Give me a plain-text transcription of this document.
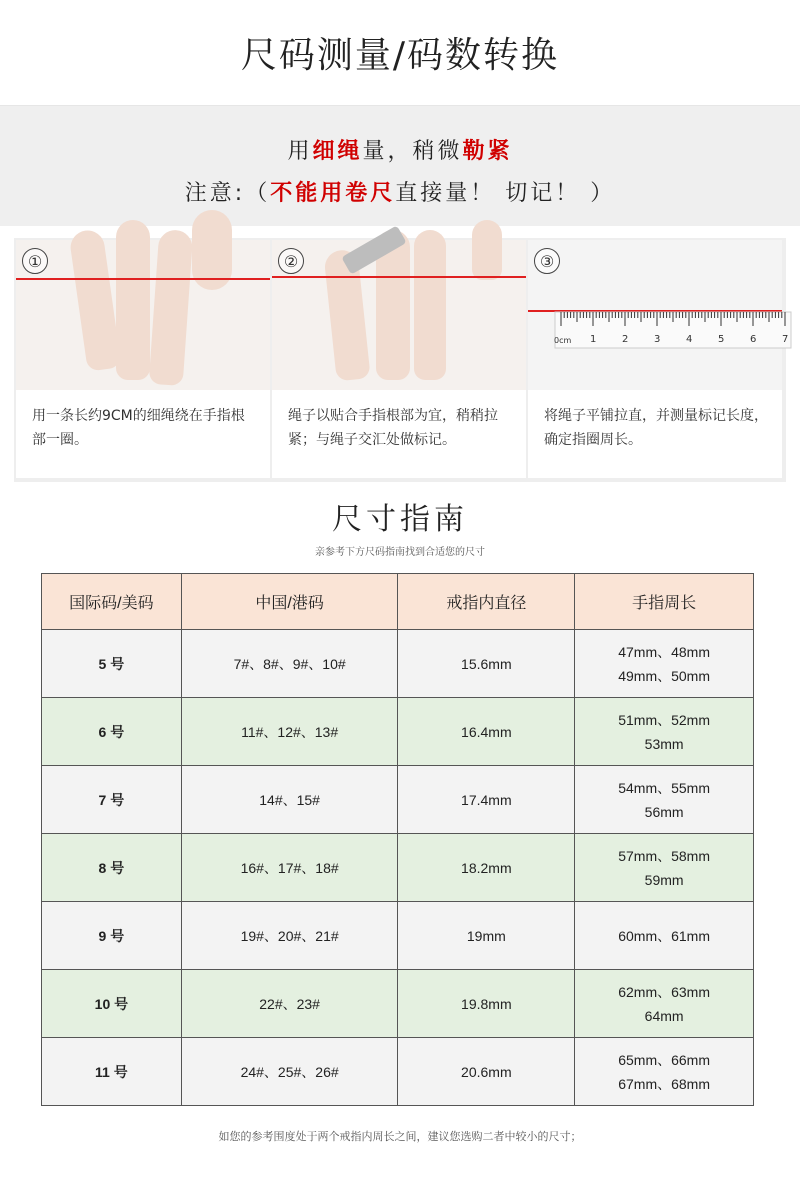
尺码测量/码数转换
用细绳量，稍微勒紧
注意:（不能用卷尺直接量！ 切记！ ）
①
用一条长约9CM的细绳绕在手指根部一圈。
②
绳子以贴合手指根部为宜，稍稍拉紧；与绳子交汇处做标记。
0cm 1	2	3	4	5	6	7
③
将绳子平铺拉直，并测量标记长度，确定指圈周长。
尺寸指南
亲参考下方尺码指南找到合适您的尺寸
国际码/美码	中国/港码	戒指内直径	手指周长
5 号	7#、8#、9#、10#	15.6mm	47mm、48mm
49mm、50mm

6 号	11#、12#、13#	16.4mm	51mm、52mm
53mm

7 号	14#、15#	17.4mm	54mm、55mm
56mm

8 号	16#、17#、18#	18.2mm	57mm、58mm
59mm

9 号	19#、20#、21#	19mm	60mm、61mm

10 号	22#、23#	19.8mm	62mm、63mm
64mm

11 号	24#、25#、26#	20.6mm	65mm、66mm
67mm、68mm
如您的参考围度处于两个戒指内周长之间，建议您选购二者中较小的尺寸；
